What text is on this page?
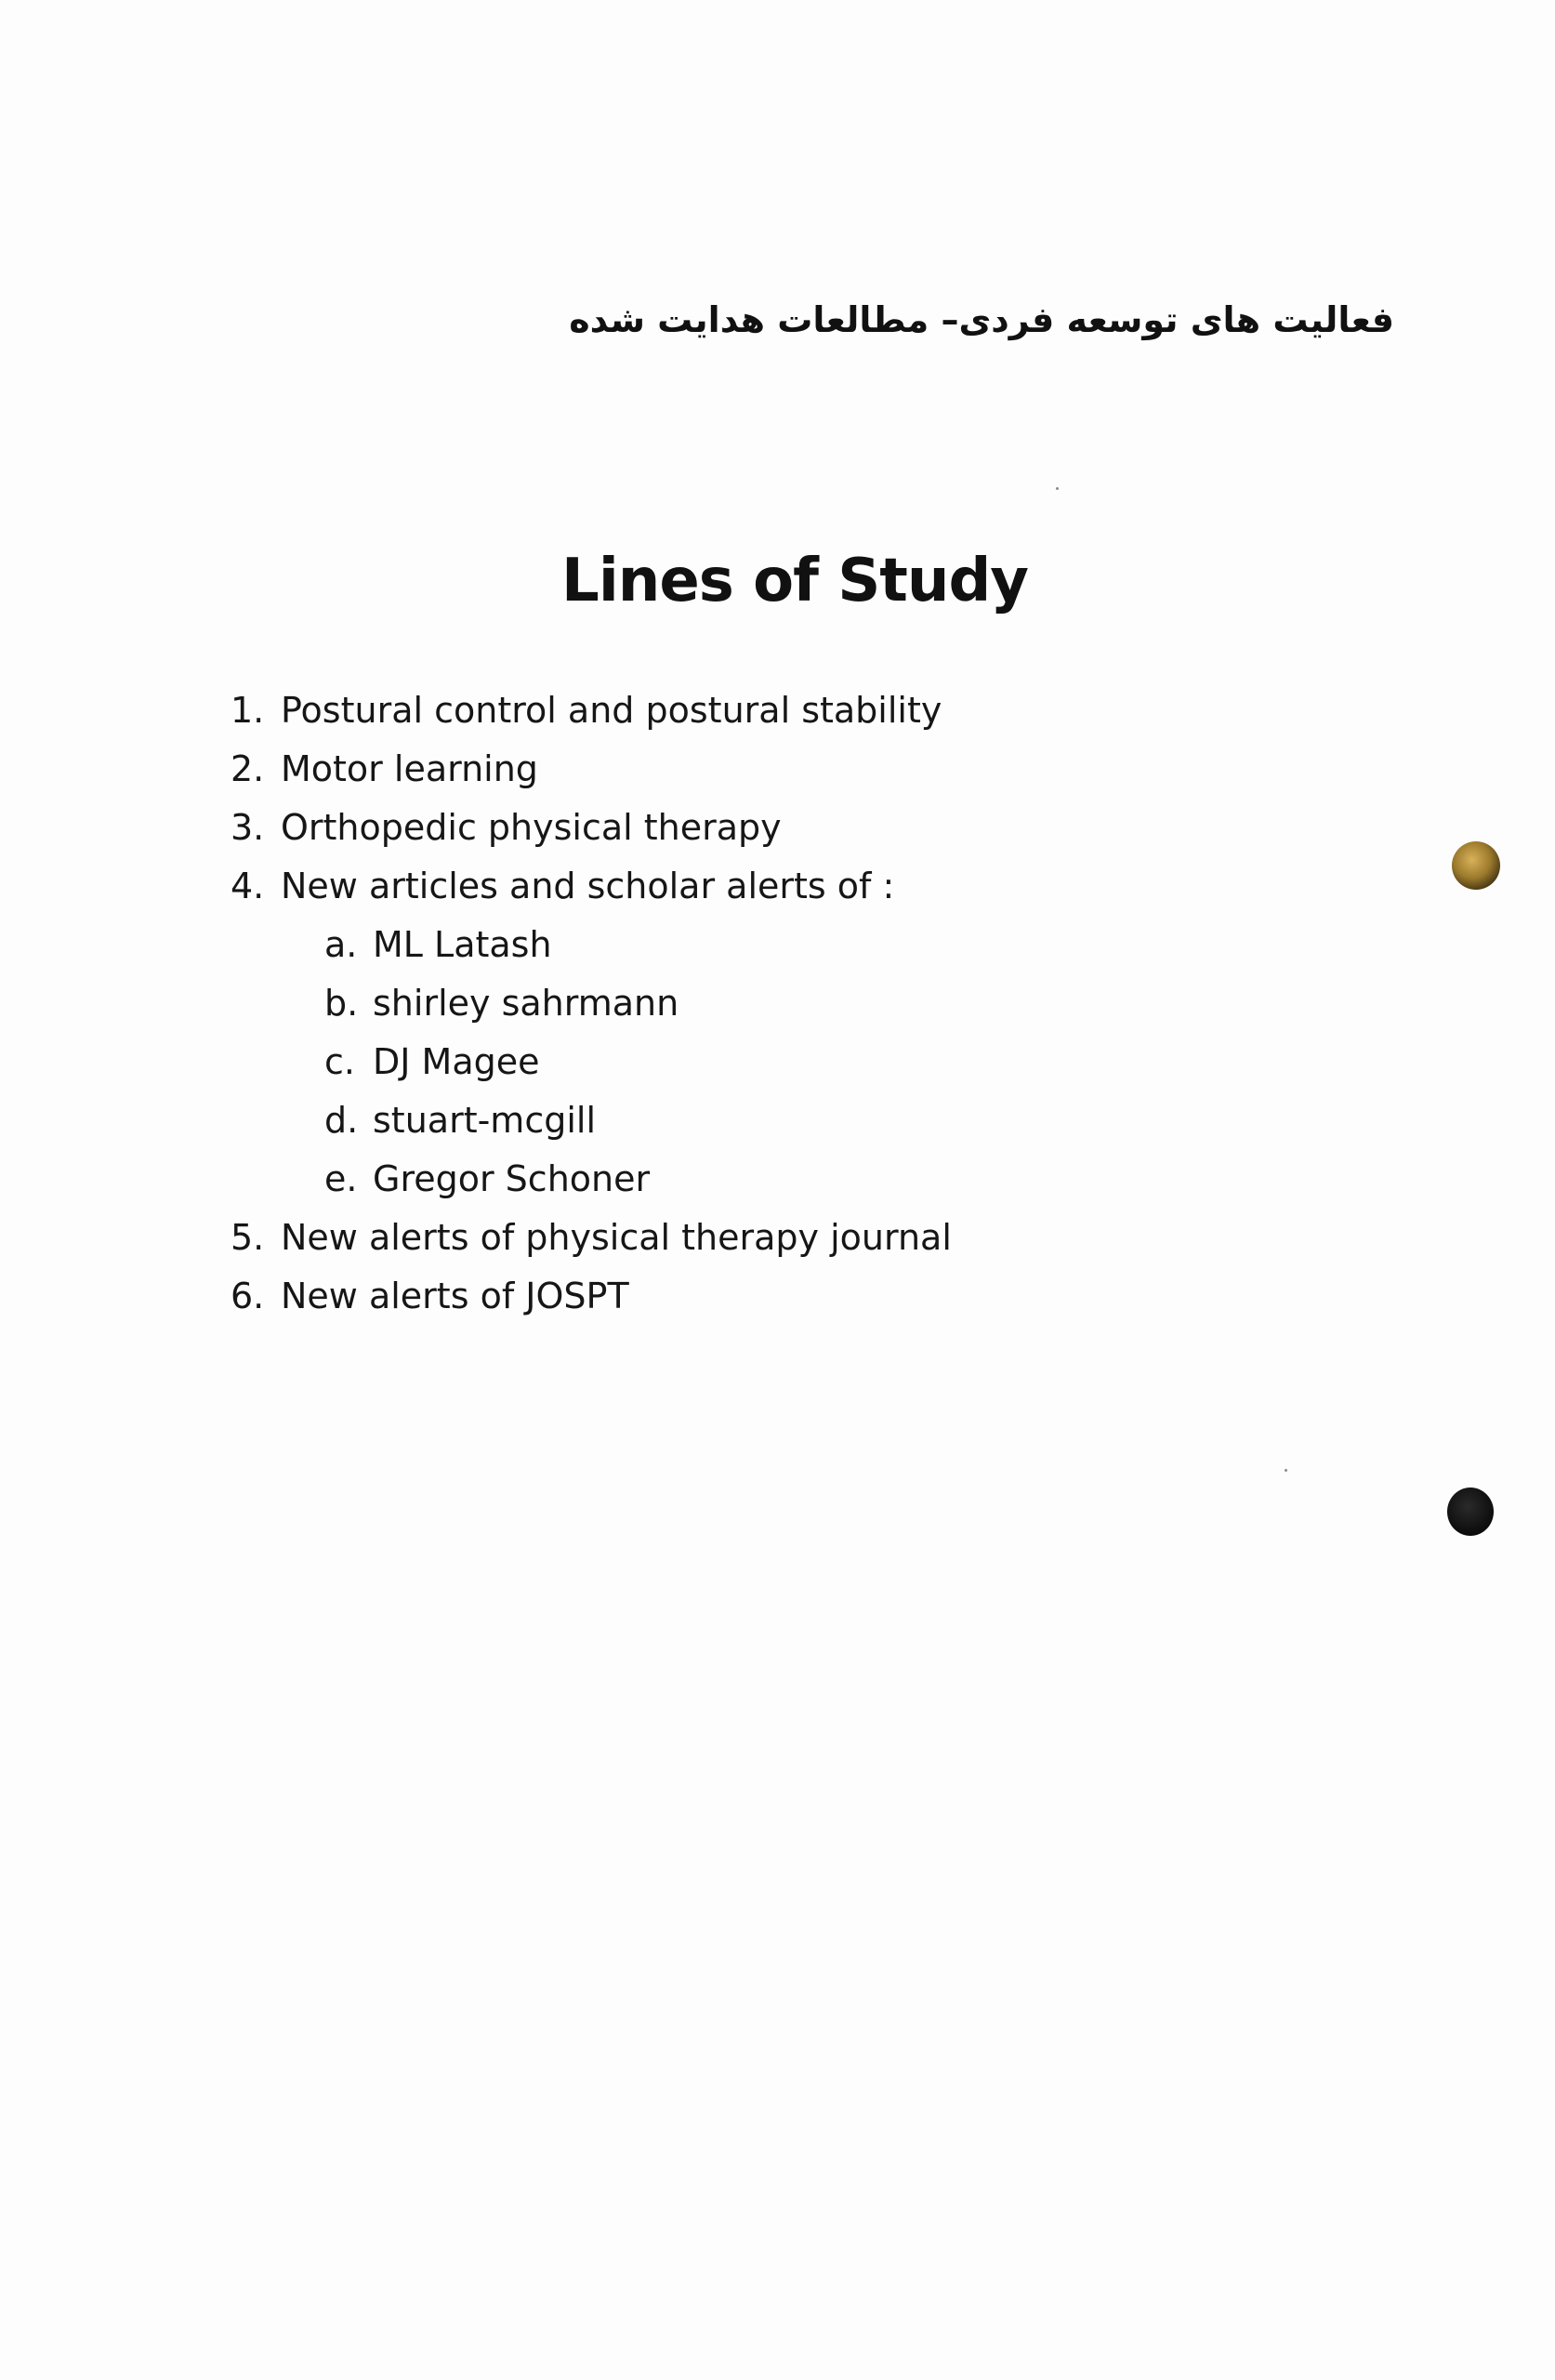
فعالیت های توسعه فردی– مطالعات هدایت شده
Lines of Study
1. Postural control and postural stability
2. Motor learning
3. Orthopedic physical therapy
4. New articles and scholar alerts of :
a. ML Latash
b. shirley sahrmann
c. DJ Magee
d. stuart-mcgill
e. Gregor Schoner
5. New alerts of physical therapy journal
6. New alerts of JOSPT
